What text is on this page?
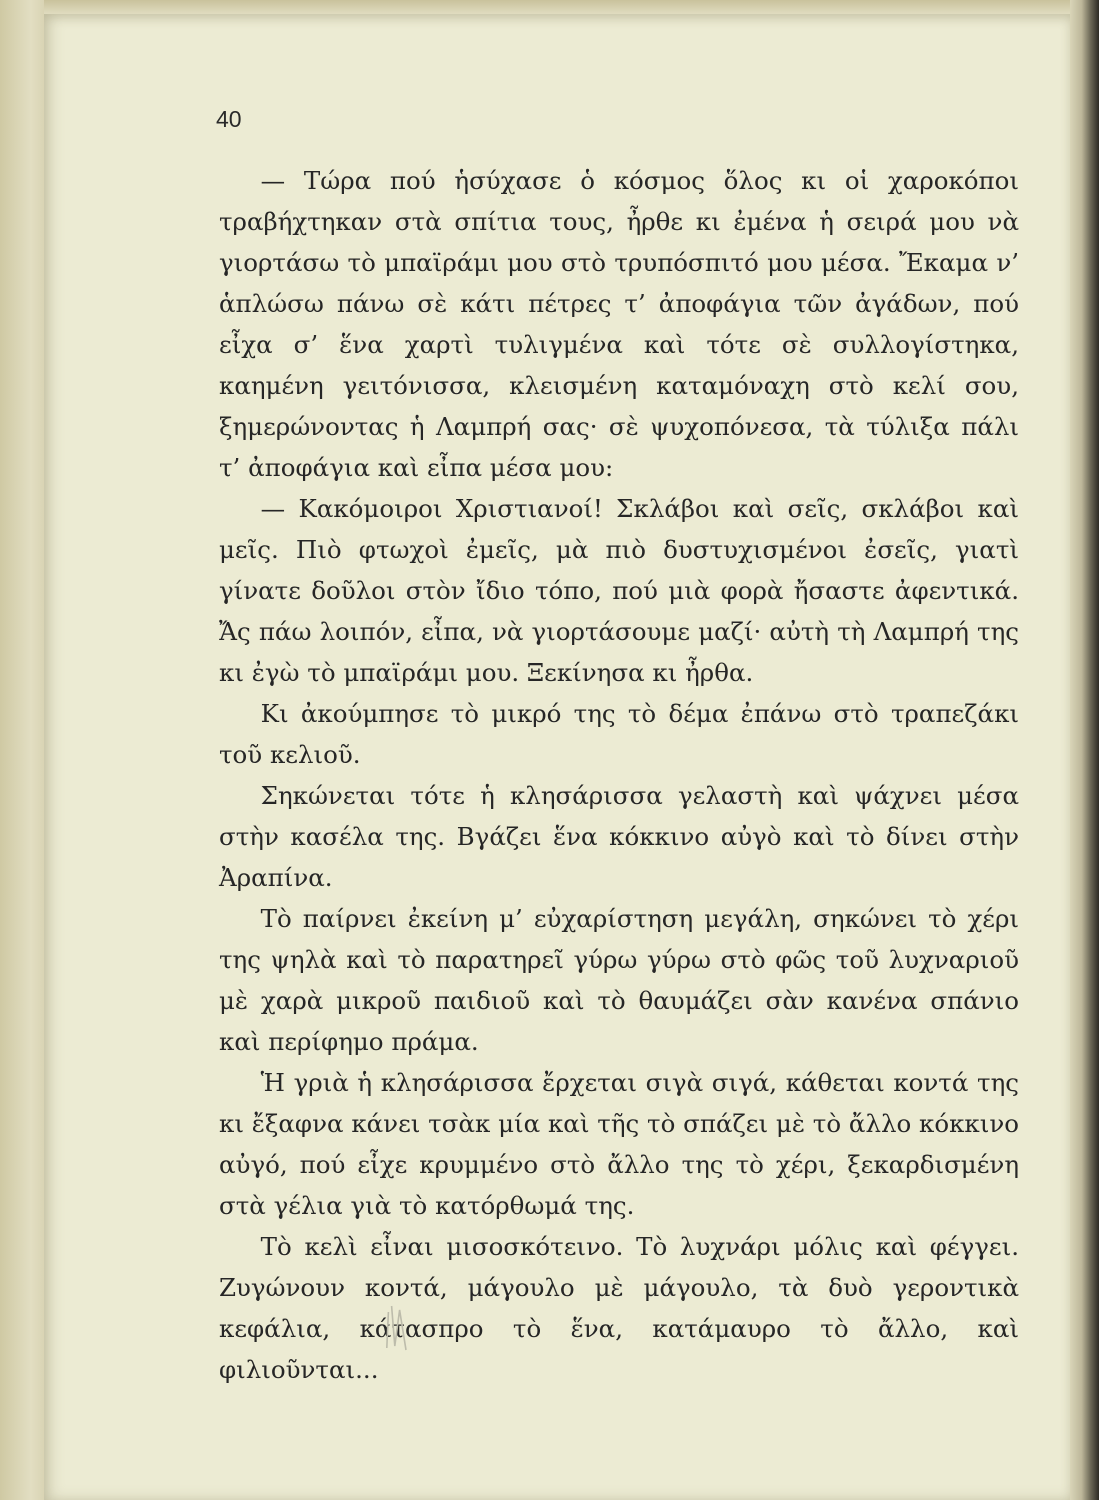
40

— Τώρα πού ἡσύχασε ὁ κόσμος ὅλος κι οἱ χαροκόποι τραβήχτηκαν στὰ σπίτια τους, ἦρθε κι ἐμένα ἡ σειρά μου νὰ γιορτάσω τὸ μπαϊράμι μου στὸ τρυπόσπιτό μου μέσα. Ἔκαμα ν’ ἁπλώσω πάνω σὲ κάτι πέτρες τ’ ἀποφάγια τῶν ἀγάδων, πού εἶχα σ’ ἕνα χαρτὶ τυλιγμένα καὶ τότε σὲ συλλογίστηκα, καημένη γειτόνισσα, κλεισμένη καταμόναχη στὸ κελί σου, ξημερώνοντας ἡ Λαμπρή σας· σὲ ψυχοπόνεσα, τὰ τύλιξα πάλι τ’ ἀποφάγια καὶ εἶπα μέσα μου:

— Κακόμοιροι Χριστιανοί! Σκλάβοι καὶ σεῖς, σκλάβοι καὶ μεῖς. Πιὸ φτωχοὶ ἐμεῖς, μὰ πιὸ δυστυχισμένοι ἐσεῖς, γιατὶ γίνατε δοῦλοι στὸν ἴδιο τόπο, πού μιὰ φορὰ ἤσαστε ἀφεντικά. Ἄς πάω λοιπόν, εἶπα, νὰ γιορτάσουμε μαζί· αὐτὴ τὴ Λαμπρή της κι ἐγὼ τὸ μπαϊράμι μου. Ξεκίνησα κι ἦρθα.

Κι ἀκούμπησε τὸ μικρό της τὸ δέμα ἐπάνω στὸ τραπεζάκι τοῦ κελιοῦ.

Σηκώνεται τότε ἡ κλησάρισσα γελαστὴ καὶ ψάχνει μέσα στὴν κασέλα της. Βγάζει ἕνα κόκκινο αὐγὸ καὶ τὸ δίνει στὴν Ἀραπίνα.

Τὸ παίρνει ἐκείνη μ’ εὐχαρίστηση μεγάλη, σηκώνει τὸ χέρι της ψηλὰ καὶ τὸ παρατηρεῖ γύρω γύρω στὸ φῶς τοῦ λυχναριοῦ μὲ χαρὰ μικροῦ παιδιοῦ καὶ τὸ θαυμάζει σὰν κανένα σπάνιο καὶ περίφημο πράμα.

Ἡ γριὰ ἡ κλησάρισσα ἔρχεται σιγὰ σιγά, κάθεται κοντά της κι ἔξαφνα κάνει τσὰκ μία καὶ τῆς τὸ σπάζει μὲ τὸ ἄλλο κόκκινο αὐγό, πού εἶχε κρυμμένο στὸ ἄλλο της τὸ χέρι, ξεκαρδισμένη στὰ γέλια γιὰ τὸ κατόρθωμά της.

Τὸ κελὶ εἶναι μισοσκότεινο. Τὸ λυχνάρι μόλις καὶ φέγγει. Ζυγώνουν κοντά, μάγουλο μὲ μάγουλο, τὰ δυὸ γεροντικὰ κεφάλια, κάτασπρο τὸ ἕνα, κατάμαυρο τὸ ἄλλο, καὶ φιλιοῦνται...
